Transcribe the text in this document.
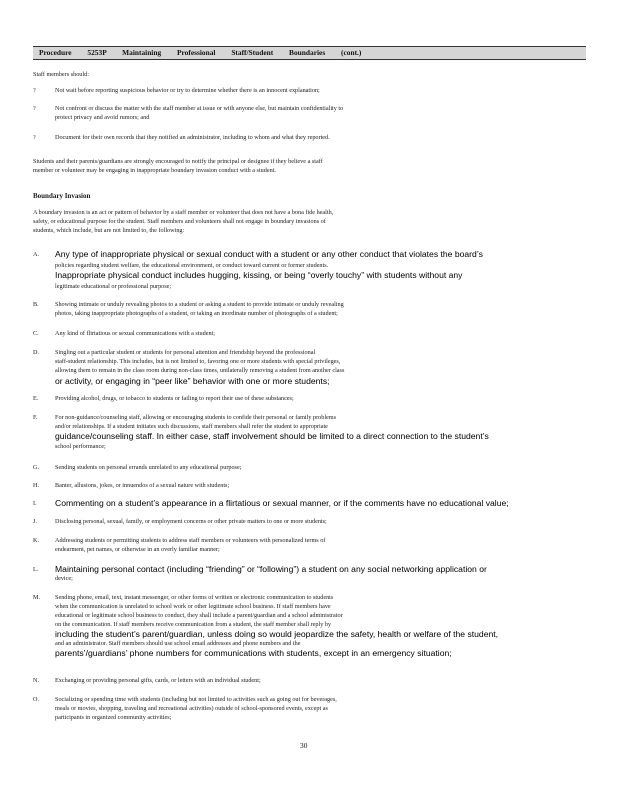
Procedure 5253P Maintaining Professional Staff/Student Boundaries (cont.)
Staff members should:
?	Not wait before reporting suspicious behavior or try to determine whether there is an innocent explanation;
?	Not confront or discuss the matter with the staff member at issue or with anyone else, but maintain confidentiality to
protect privacy and avoid rumors; and
?	Document for their own records that they notified an administrator, including to whom and what they reported.
Students and their parents/guardians are strongly encouraged to notify the principal or designee if they believe a staff
member or volunteer may be engaging in inappropriate boundary invasion conduct with a student.
Boundary Invasion
A boundary invasion is an act or pattern of behavior by a staff member or volunteer that does not have a bona fide health,
safety, or educational purpose for the student. Staff members and volunteers shall not engage in boundary invasions of
students, which include, but are not limited to, the following:
A. Any type of inappropriate physical or sexual conduct with a student or any other conduct that violates the board’s
policies regarding student welfare, the educational environment, or conduct toward current or former students.
Inappropriate physical conduct includes hugging, kissing, or being “overly touchy” with students without any
legitimate educational or professional purpose;
B.	Showing intimate or unduly revealing photos to a student or asking a student to provide intimate or unduly revealing
photos, taking inappropriate photographs of a student, or taking an inordinate number of photographs of a student;
C.	Any kind of flirtatious or sexual communications with a student;
D.	Singling out a particular student or students for personal attention and friendship beyond the professional
staff-student relationship. This includes, but is not limited to, favoring one or more students with special privileges,
allowing them to remain in the class room during non-class times, unilaterally removing a student from another class
or activity, or engaging in “peer like” behavior with one or more students;
E.	Providing alcohol, drugs, or tobacco to students or failing to report their use of these substances;
F.	For non-guidance/counseling staff, allowing or encouraging students to confide their personal or family problems
and/or relationships. If a student initiates such discussions, staff members shall refer the student to appropriate
guidance/counseling staff. In either case, staff involvement should be limited to a direct connection to the student’s
school performance;
G.	Sending students on personal errands unrelated to any educational purpose;
H.	Banter, allusions, jokes, or innuendos of a sexual nature with students;
I. Commenting on a student’s appearance in a flirtatious or sexual manner, or if the comments have no educational value;
J.	Disclosing personal, sexual, family, or employment concerns or other private matters to one or more students;
K.	Addressing students or permitting students to address staff members or volunteers with personalized terms of
endearment, pet names, or otherwise in an overly familiar manner;
L. Maintaining personal contact (including “friending” or “following”) a student on any social networking application or
device;
M. Sending phone, email, text, instant messenger, or other forms of written or electronic communication to students
when the communication is unrelated to school work or other legitimate school business. If staff members have
educational or legitimate school business to conduct, they shall include a parent/guardian and a school administrator
on the communication. If staff members receive communication from a student, the staff member shall reply by
including the student’s parent/guardian, unless doing so would jeopardize the safety, health or welfare of the student,
and an administrator. Staff members should use school email addresses and phone numbers and the
parents’/guardians’ phone numbers for communications with students, except in an emergency situation;
N.	Exchanging or providing personal gifts, cards, or letters with an individual student;
O.	Socializing or spending time with students (including but not limited to activities such as going out for beverages,
meals or movies, shopping, traveling and recreational activities) outside of school-sponsored events, except as
participants in organized community activities;
30
